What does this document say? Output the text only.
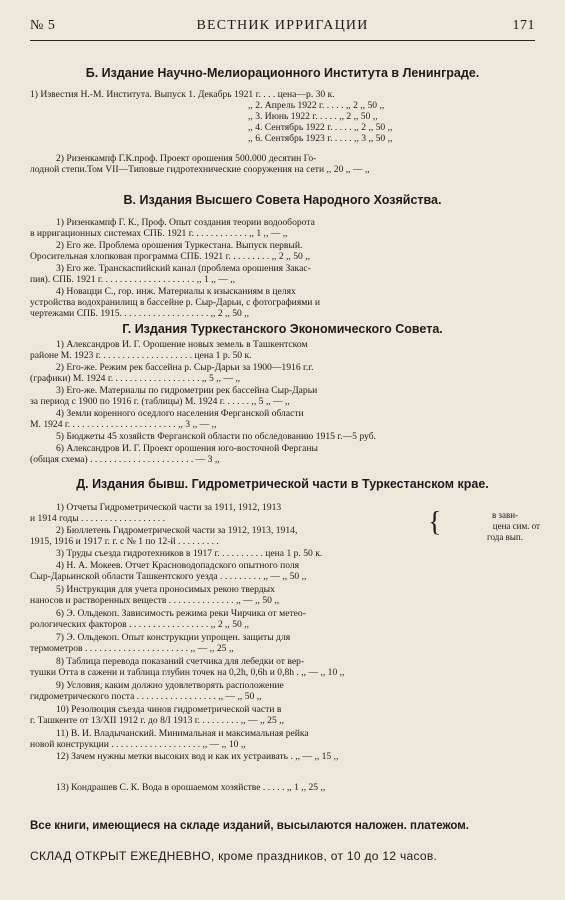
№ 5	ВЕСТНИК ИРРИГАЦИИ	171
Б. Издание Научно-Мелиорационного Института в Ленинграде.
1) Известия Н.-М. Института. Выпуск 1. Декабрь 1921 г. . . . цена—р. 30 к.
,, 2. Апрель 1922 г. . . . . ,, 2 ,, 50 ,,
,, 3. Июнь 1922 г. . . . . ,, 2 ,, 50 ,,
,, 4. Сентябрь 1922 г. . . . . ,, 2 ,, 50 ,,
,, 6. Сентябрь 1923 г. . . . . ,, 3 ,, 50 ,,
2) Ризенкампф Г.К.проф. Проект орошения 500.000 десятин Го-
лодной степи.Том VII—Типовые гидротехнические сооружения на сети ,, 20 ,, — ,,
В. Издания Высшего Совета Народного Хозяйства.
1) Ризенкампф Г. К., Проф. Опыт создания теории водооборота
в ирригационных системах СПБ. 1921 г. . . . . . . . . . . . ,, 1 ,, — ,,
2) Его же. Проблема орошения Туркестана. Выпуск первый.
Оросительная хлопковая программа СПБ. 1921 г. . . . . . . . . ,, 2 ,, 50 ,,
3) Его же. Транскаспийский канал (проблема орошения Закас-
пия). СПБ. 1921 г. . . . . . . . . . . . . . . . . . . . ,, 1 ,, — ,,
4) Новацци С., гор. инж. Материалы к изысканиям в целях
устройства водохранилищ в бассейне р. Сыр-Дарьи, с фотографиями и
чертежами СПБ. 1915. . . . . . . . . . . . . . . . . . . ,, 2 ,, 50 ,,
Г. Издания Туркестанского Экономического Совета.
1) Александров И. Г. Орошение новых земель в Ташкентском
районе М. 1923 г. . . . . . . . . . . . . . . . . . . . цена 1 р. 50 к.
2) Его-же. Режим рек бассейна р. Сыр-Дарьи за 1900—1916 г.г.
(графики) М. 1924 г. . . . . . . . . . . . . . . . . . . ,, 5 ,, — ,,
3) Его-же. Материалы по гидрометрии рек бассейна Сыр-Дарьи
за период с 1900 по 1916 г. (таблицы) М. 1924 г. . . . . . ,, 5 ,, — ,,
4) Земли коренного оседлого населения Ферганской области
М. 1924 г. . . . . . . . . . . . . . . . . . . . . . . ,, 3 ,, — ,,
5) Бюджеты 45 хозяйств Ферганской области по обследованию 1915 г.—5 руб.
6) Александров И. Г. Проект орошения юго-восточной Ферганы
(общая схема) . . . . . . . . . . . . . . . . . . . . . . — 3 ,,
Д. Издания бывш. Гидрометрической части в Туркестанском крае.
1) Отчеты Гидрометрической части за 1911, 1912, 1913
и 1914 годы . . . . . . . . . . . . . . . . . .
2) Бюллетень Гидрометрической части за 1912, 1913, 1914,
1915, 1916 и 1917 г. г. с № 1 по 12-й . . . . . . . . .
{	в зави-
цена сим. от
года вып.
3) Труды съезда гидротехников в 1917 г. . . . . . . . . . цена 1 р. 50 к.
4) Н. А. Мокеев. Отчет Красноводопадского опытного поля
Сыр-Дарьинской области Ташкентского уезда . . . . . . . . . ,, — ,, 50 ,,
5) Инструкция для учета проносимых рекою твердых
наносов и растворенных веществ . . . . . . . . . . . . . . ,, — ,, 50 ,,
6) Э. Ольдекоп. Зависимость режима реки Чирчика от метео-
рологических факторов . . . . . . . . . . . . . . . . . ,, 2 ,, 50 ,,
7) Э. Ольдекоп. Опыт конструкции упрощен. защиты для
термометров . . . . . . . . . . . . . . . . . . . . . . ,, — ,, 25 ,,
8) Таблица перевода показаний счетчика для лебедки от вер-
тушки Отта в сажени и таблица глубин точек на 0,2h, 0,6h и 0,8h . ,, — ,, 10 ,,
9) Условия, каким должно удовлетворять расположение
гидрометрического поста . . . . . . . . . . . . . . . . . ,, — ,, 50 ,,
10) Резолюция съезда чинов гидрометрической части в
г. Ташкенте от 13/XII 1912 г. до 8/I 1913 г. . . . . . . . . ,, — ,, 25 ,,
11) В. И. Владычанский. Минимальная и максимальная рейка
новой конструкции . . . . . . . . . . . . . . . . . . . ,, — ,, 10 ,,
12) Зачем нужны метки высоких вод и как их устраивать . ,, — ,, 15 ,,
13) Кондрашев С. К. Вода в орошаемом хозяйстве . . . . . ,, 1 ,, 25 ,,
Все книги, имеющиеся на складе изданий, высылаются наложен. платежом.
СКЛАД ОТКРЫТ ЕЖЕДНЕВНО, кроме праздников, от 10 до 12 часов.
